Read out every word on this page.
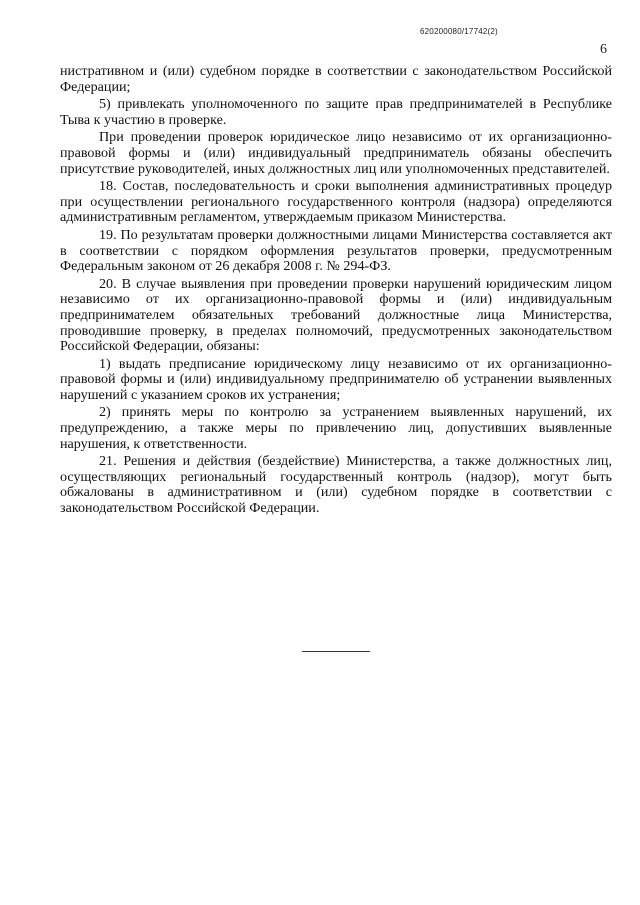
620200080/17742(2)
6

нистративном и (или) судебном порядке в соответствии с законодательством Российской Федерации;

5) привлекать уполномоченного по защите прав предпринимателей в Республике Тыва к участию в проверке.

При проведении проверок юридическое лицо независимо от их организационно-правовой формы и (или) индивидуальный предприниматель обязаны обеспечить присутствие руководителей, иных должностных лиц или уполномоченных представителей.

18. Состав, последовательность и сроки выполнения административных процедур при осуществлении регионального государственного контроля (надзора) определяются административным регламентом, утверждаемым приказом Министерства.

19. По результатам проверки должностными лицами Министерства составляется акт в соответствии с порядком оформления результатов проверки, предусмотренным Федеральным законом от 26 декабря 2008 г. № 294-ФЗ.

20. В случае выявления при проведении проверки нарушений юридическим лицом независимо от их организационно-правовой формы и (или) индивидуальным предпринимателем обязательных требований должностные лица Министерства, проводившие проверку, в пределах полномочий, предусмотренных законодательством Российской Федерации, обязаны:

1) выдать предписание юридическому лицу независимо от их организационно-правовой формы и (или) индивидуальному предпринимателю об устранении выявленных нарушений с указанием сроков их устранения;

2) принять меры по контролю за устранением выявленных нарушений, их предупреждению, а также меры по привлечению лиц, допустивших выявленные нарушения, к ответственности.

21. Решения и действия (бездействие) Министерства, а также должностных лиц, осуществляющих региональный государственный контроль (надзор), могут быть обжалованы в административном и (или) судебном порядке в соответствии с законодательством Российской Федерации.
